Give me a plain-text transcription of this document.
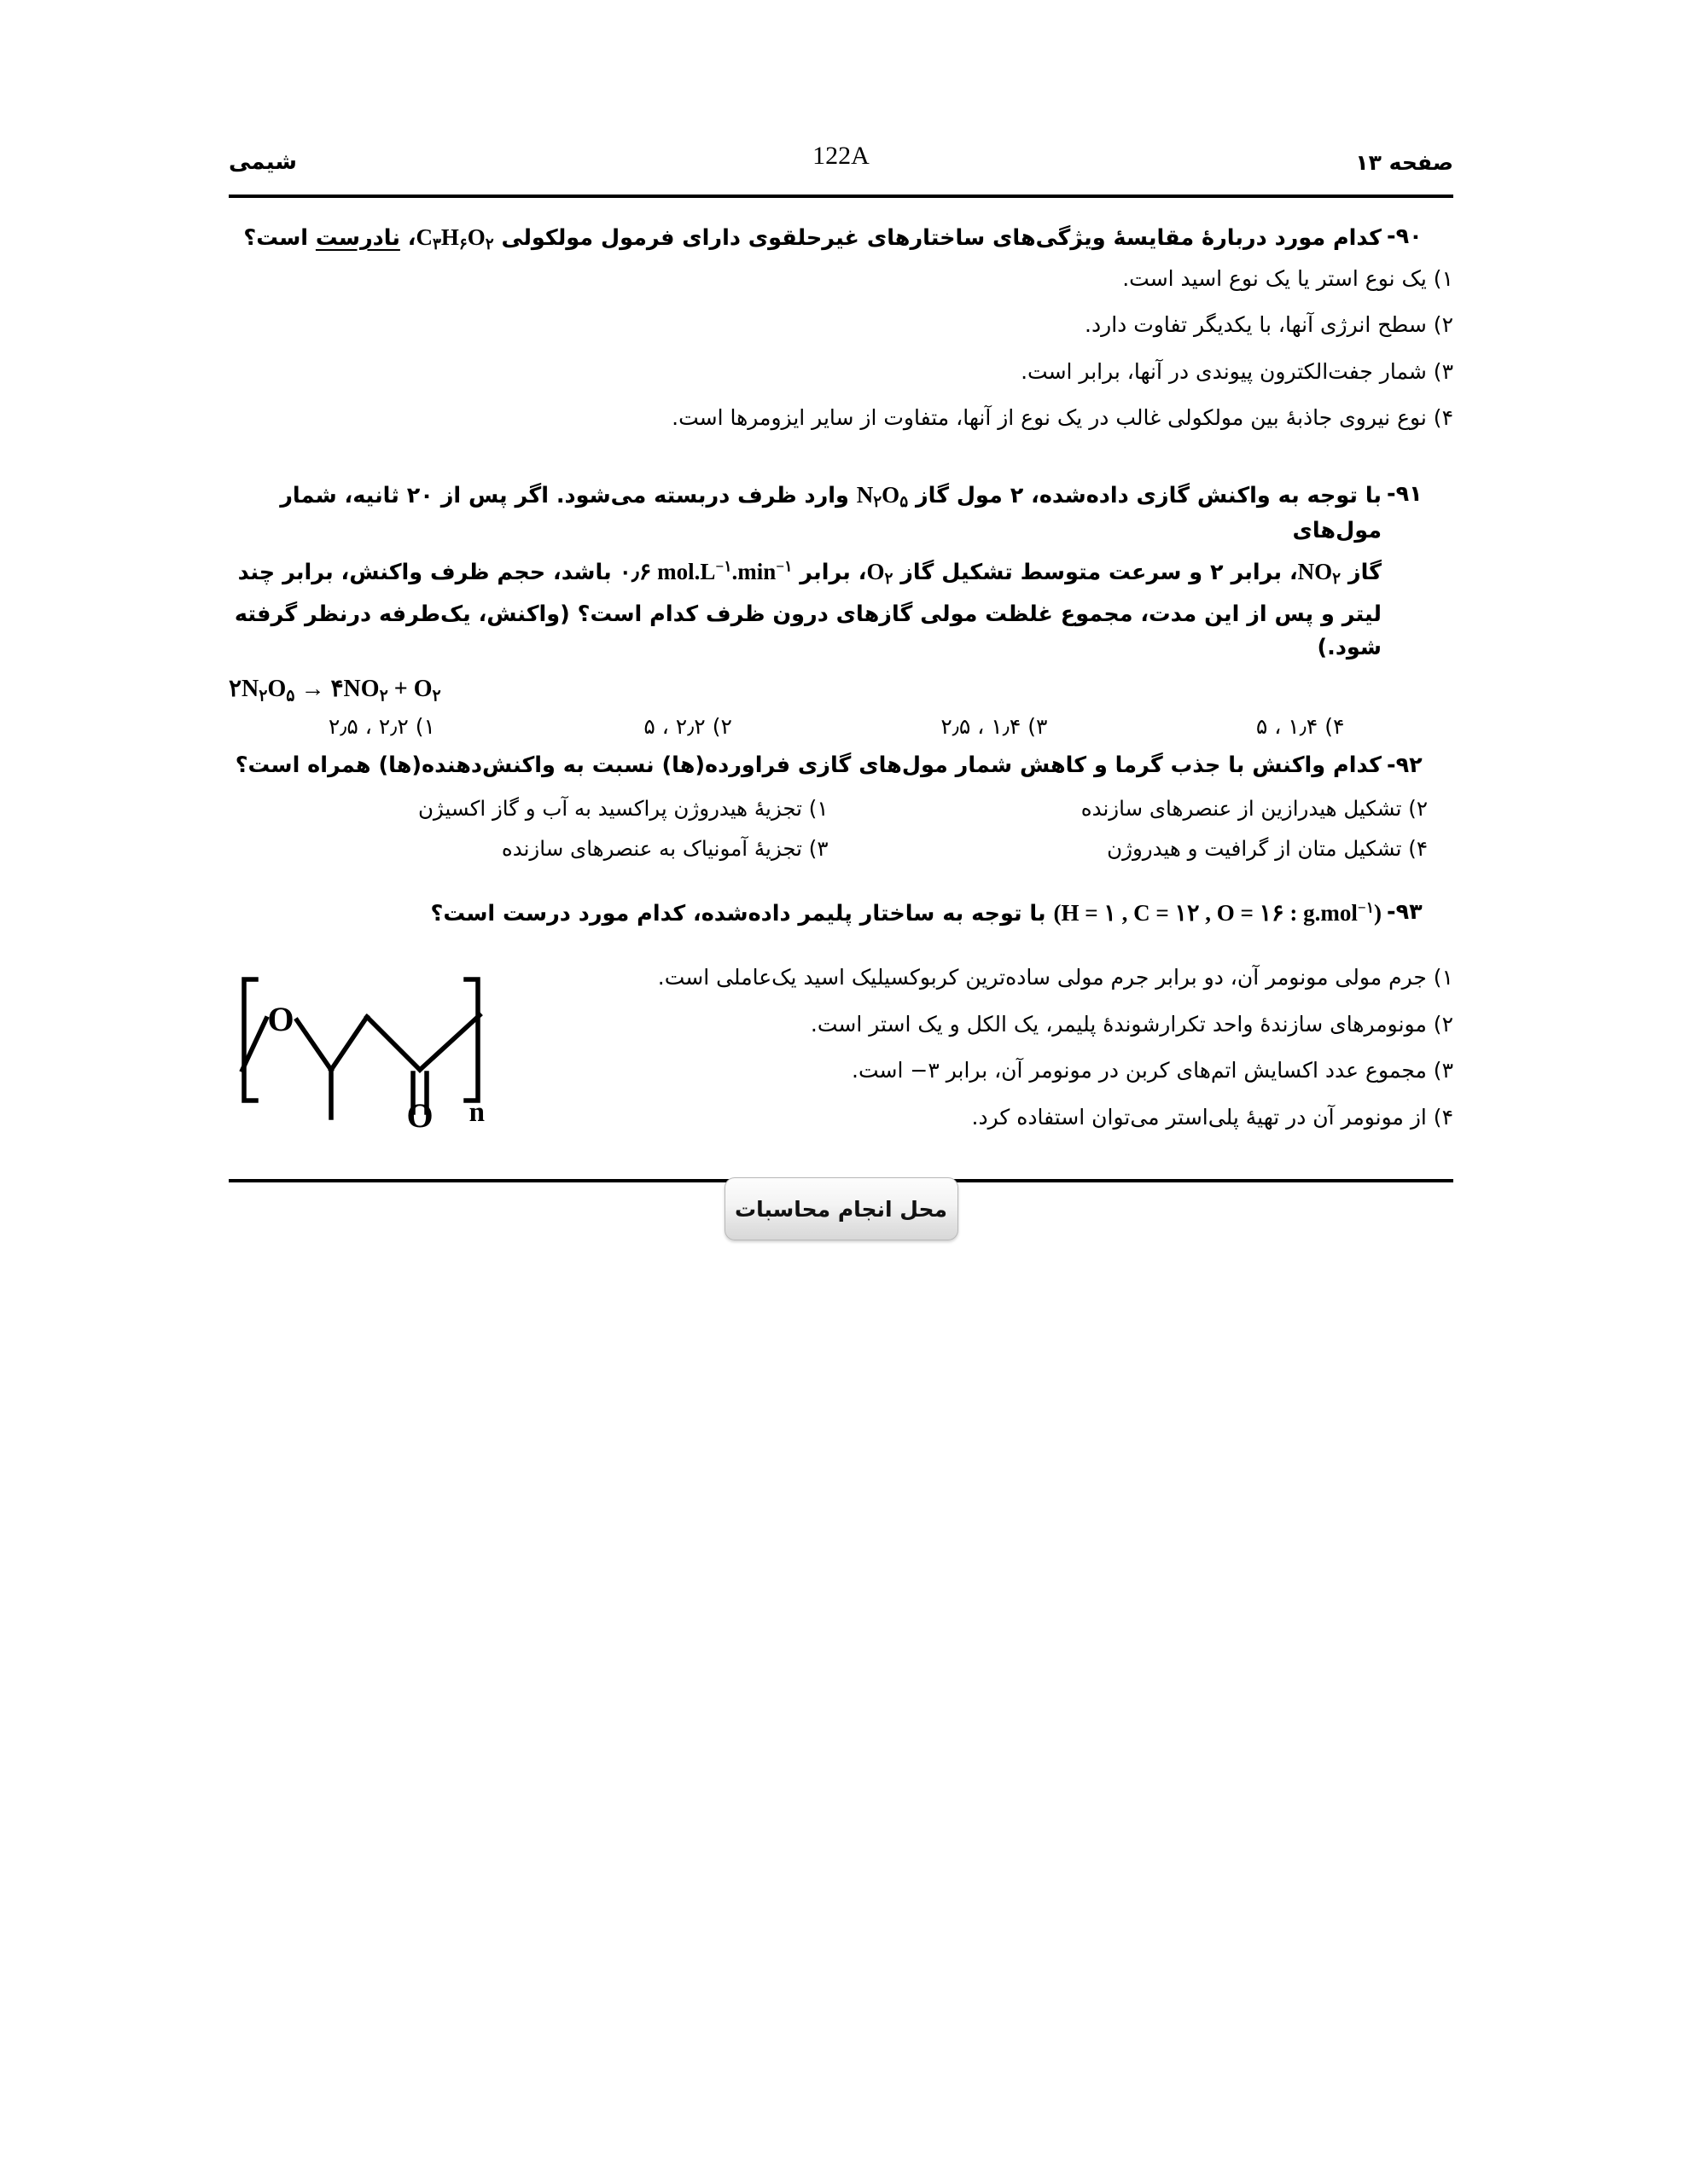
شیمی	122A	صفحه ۱۳
۹۰-
کدام مورد دربارهٔ مقایسهٔ ویژگی‌های ساختارهای غیرحلقوی دارای فرمول مولکولی $C_۳H_۶O_۲،$ نادرست است؟
۱) یک نوع استر یا یک نوع اسید است.
۲) سطح انرژی آنها، با یکدیگر تفاوت دارد.
۳) شمار جفت‌الکترون پیوندی در آنها، برابر است.
۴) نوع نیروی جاذبهٔ بین مولکولی غالب در یک نوع از آنها، متفاوت از سایر ایزومرها است.
۹۱-
با توجه به واکنش گازی داده‌شده، ۲ مول گاز $N_۲O_۵$ وارد ظرف دربسته می‌شود. اگر پس از ۲۰ ثانیه، شمار مول‌های
گاز $NO_۲،$ برابر ۲ و سرعت متوسط تشکیل گاز $O_۲،$ برابر ۰٫۶ $mol.L^{-۱}.\min^{-۱}$ باشد، حجم ظرف واکنش، برابر چند
لیتر و پس از این مدت، مجموع غلظت مولی گازهای درون ظرف کدام است؟ (واکنش، یک‌طرفه درنظر گرفته شود.)
$۲N_۲O_۵$ → $۴NO_۲ + O_۲$
۴) ۱٫۴ ، ۵
۳) ۱٫۴ ، ۲٫۵
۲) ۲٫۲ ، ۵
۱) ۲٫۲ ، ۲٫۵
۹۲-
کدام واکنش با جذب گرما و کاهش شمار مول‌های گازی فراورده(ها) نسبت به واکنش‌دهنده(ها) همراه است؟
۲) تشکیل هیدرازین از عنصرهای سازنده
۱) تجزیهٔ هیدروژن پراکسید به آب و گاز اکسیژن
۴) تشکیل متان از گرافیت و هیدروژن
۳) تجزیهٔ آمونیاک به عنصرهای سازنده
۹۳-
(H = ۱ , C = ۱۲ , O = ۱۶ : g.mol$^{-۱}$) با توجه به ساختار پلیمر داده‌شده، کدام مورد درست است؟
O
O n
۱) جرم مولی مونومر آن، دو برابر جرم مولی ساده‌ترین کربوکسیلیک اسید یک‌عاملی است.
۲) مونومرهای سازندهٔ واحد تکرارشوندهٔ پلیمر، یک الکل و یک استر است.
۳) مجموع عدد اکسایش اتم‌های کربن در مونومر آن، برابر ۳− است.
۴) از مونومر آن در تهیهٔ پلی‌استر می‌توان استفاده کرد.
محل انجام محاسبات
